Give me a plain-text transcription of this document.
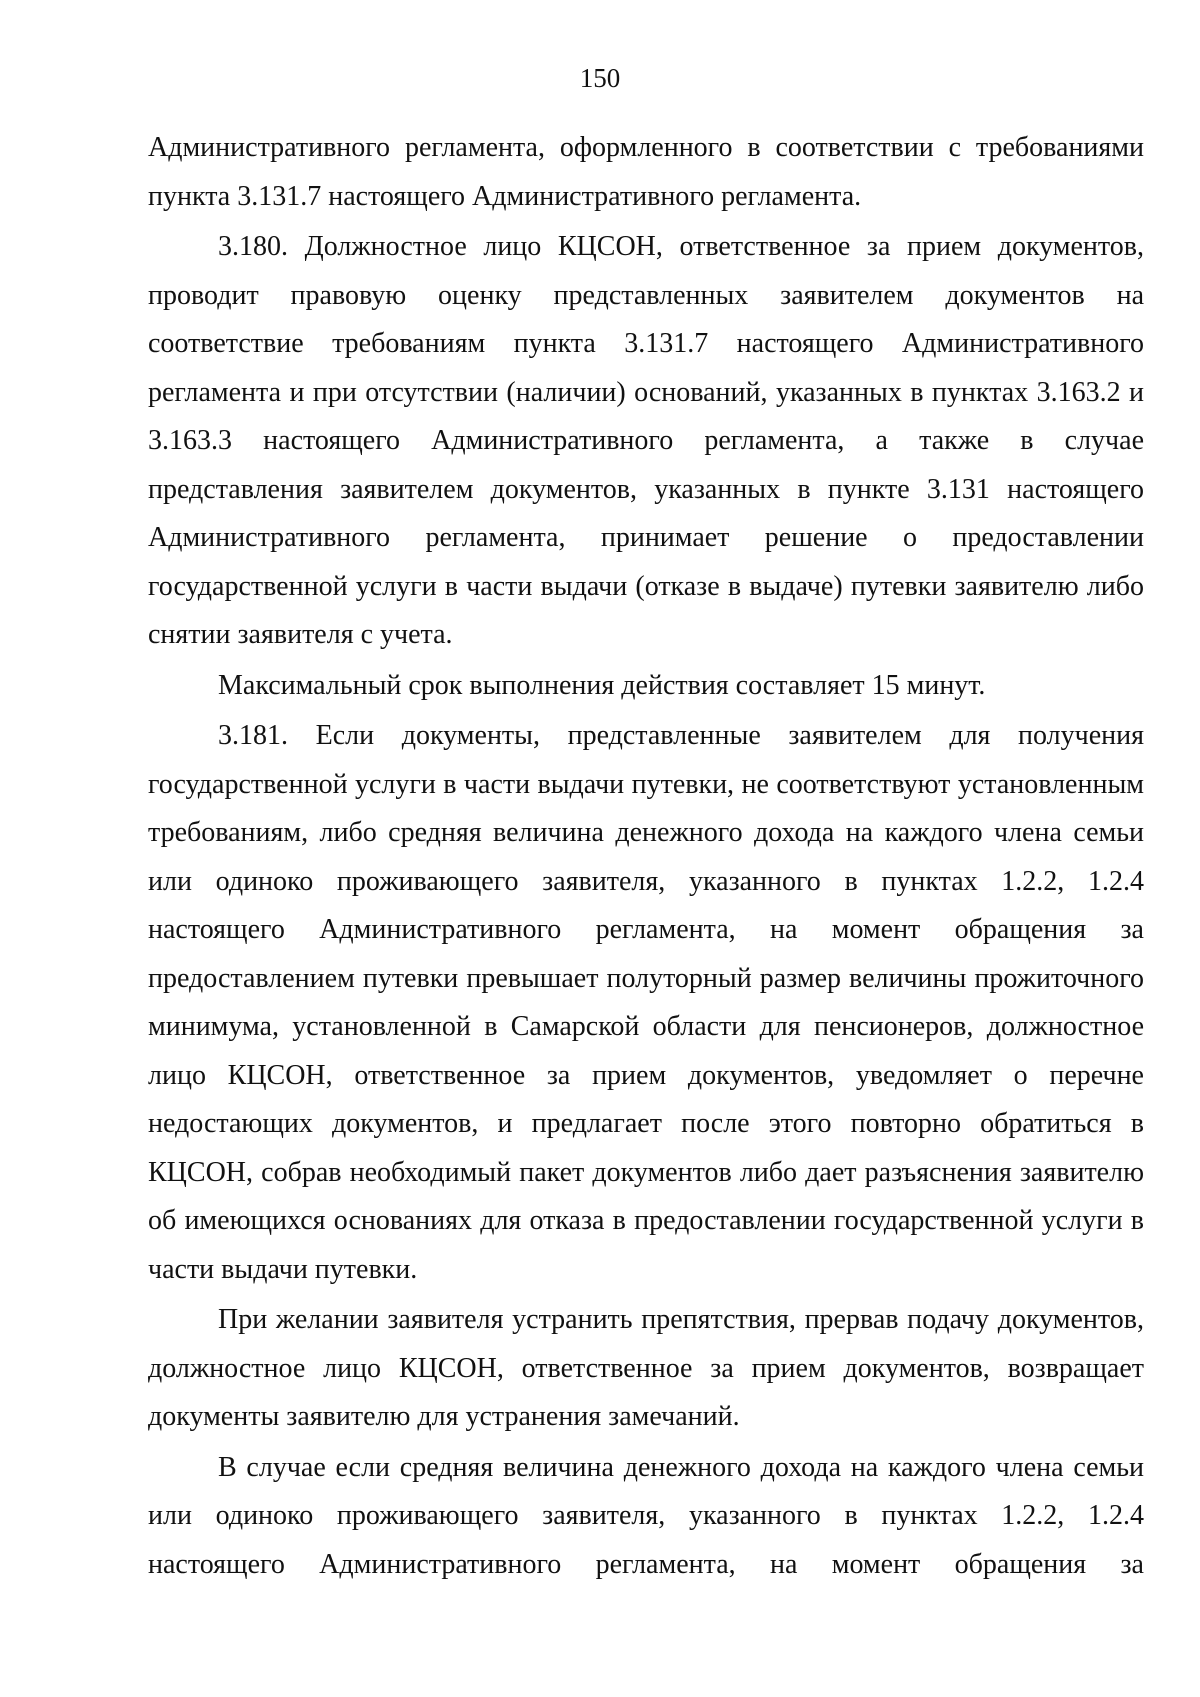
150

Административного регламента, оформленного в соответствии с требованиями пункта 3.131.7 настоящего Административного регламента.

3.180. Должностное лицо КЦСОН, ответственное за прием документов, проводит правовую оценку представленных заявителем документов на соответствие требованиям пункта 3.131.7 настоящего Административного регламента и при отсутствии (наличии) оснований, указанных в пунктах 3.163.2 и 3.163.3 настоящего Административного регламента, а также в случае представления заявителем документов, указанных в пункте 3.131 настоящего Административного регламента, принимает решение о предоставлении государственной услуги в части выдачи (отказе в выдаче) путевки заявителю либо снятии заявителя с учета.

Максимальный срок выполнения действия составляет 15 минут.

3.181. Если документы, представленные заявителем для получения государственной услуги в части выдачи путевки, не соответствуют установленным требованиям, либо средняя величина денежного дохода на каждого члена семьи или одиноко проживающего заявителя, указанного в пунктах 1.2.2, 1.2.4 настоящего Административного регламента, на момент обращения за предоставлением путевки превышает полуторный размер величины прожиточного минимума, установленной в Самарской области для пенсионеров, должностное лицо КЦСОН, ответственное за прием документов, уведомляет о перечне недостающих документов, и предлагает после этого повторно обратиться в КЦСОН, собрав необходимый пакет документов либо дает разъяснения заявителю об имеющихся основаниях для отказа в предоставлении государственной услуги в части выдачи путевки.

При желании заявителя устранить препятствия, прервав подачу документов, должностное лицо КЦСОН, ответственное за прием документов, возвращает документы заявителю для устранения замечаний.

В случае если средняя величина денежного дохода на каждого члена семьи или одиноко проживающего заявителя, указанного в пунктах 1.2.2, 1.2.4 настоящего Административного регламента, на момент обращения за
